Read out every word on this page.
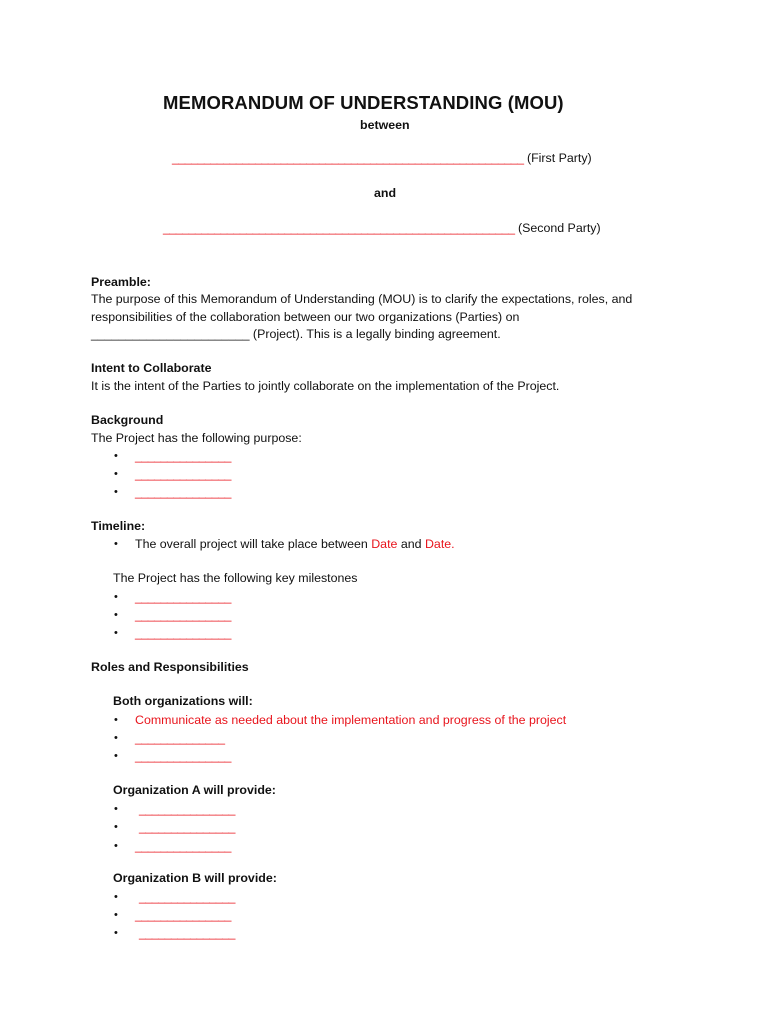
MEMORANDUM OF UNDERSTANDING (MOU)
between
_______________________________________________________ (First Party)
and
_______________________________________________________ (Second Party)
Preamble:
The purpose of this Memorandum of Understanding (MOU) is to clarify the expectations, roles, and
responsibilities of the collaboration between our two organizations (Parties) on
_______________________ (Project). This is a legally binding agreement.
Intent to Collaborate
It is the intent of the Parties to jointly collaborate on the implementation of the Project.
Background
The Project has the following purpose:
• _______________
• _______________
• _______________
Timeline:
• The overall project will take place between Date and Date.
The Project has the following key milestones
• _______________
• _______________
• _______________
Roles and Responsibilities
Both organizations will:
• Communicate as needed about the implementation and progress of the project
• ______________
• _______________
Organization A will provide:
• _______________
• _______________
• _______________
Organization B will provide:
• _______________
• _______________
• _______________
